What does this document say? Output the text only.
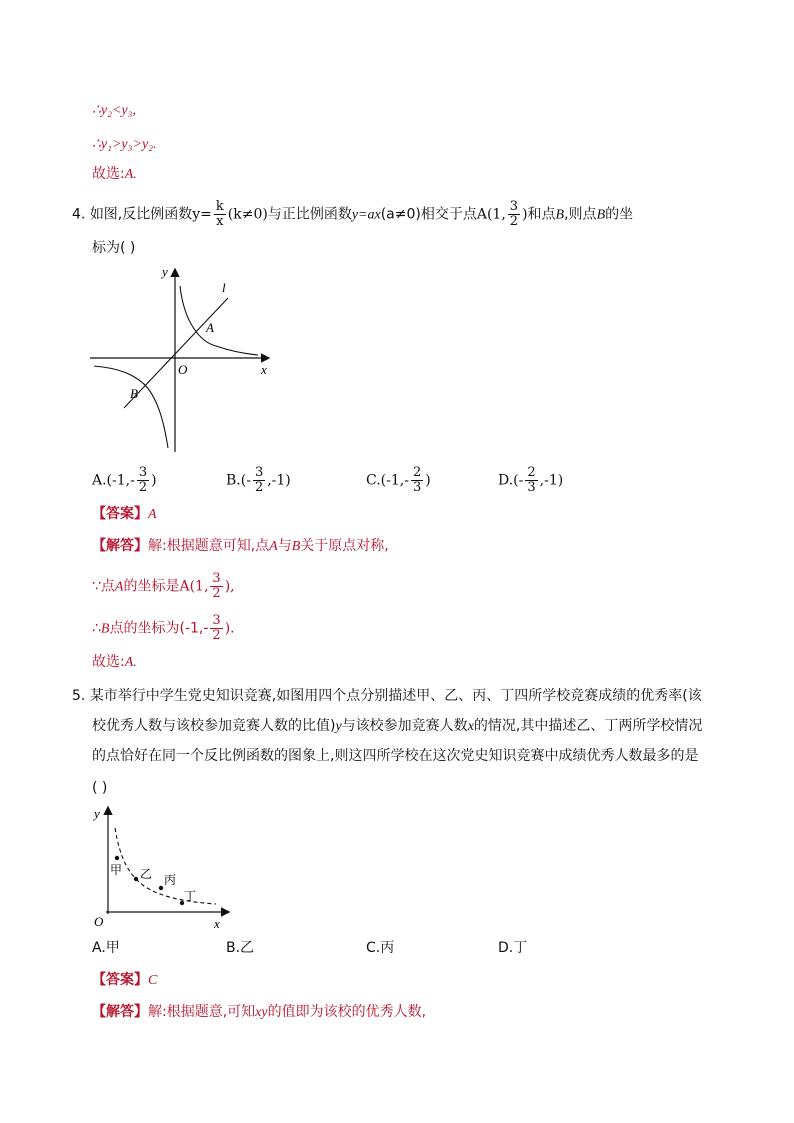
∴y₂<y₃,
∴y₁>y₃>y₂.
故选:A.
4. 如图,反比例函数$y= \frac{k}{x} (k\ne 0)$与正比例函数y=ax(a≠0)相交于点A(1, $\frac{3}{2}$ )和点B,则点B的坐
标为( )
y
x
O
A
B
l
$A.(-1,- \frac{3}{2}$ )	$B.(- \frac{3}{2} ,-1)$	$C.(-1,- \frac{2}{3}$ )	$D.(- \frac{2}{3} ,-1)$
【答案】A
【解答】解:根据题意可知,点A与B关于原点对称,
∵点A的坐标是A(1, $\frac{3}{2}$ ),
∴B点的坐标为($-1,- \frac{3}{2}$ ).
故选:A.
5. 某市举行中学生党史知识竞赛,如图用四个点分别描述甲、乙、丙、丁四所学校竞赛成绩的优秀率(该
校优秀人数与该校参加竞赛人数的比值)y与该校参加竞赛人数x的情况,其中描述乙、丁两所学校情况
的点恰好在同一个反比例函数的图象上,则这四所学校在这次党史知识竞赛中成绩优秀人数最多的是
( )
y
x
O
甲 乙 丙
丁
A.甲	B.乙	C.丙	D.丁
【答案】C
【解答】解:根据题意,可知xy的值即为该校的优秀人数,
